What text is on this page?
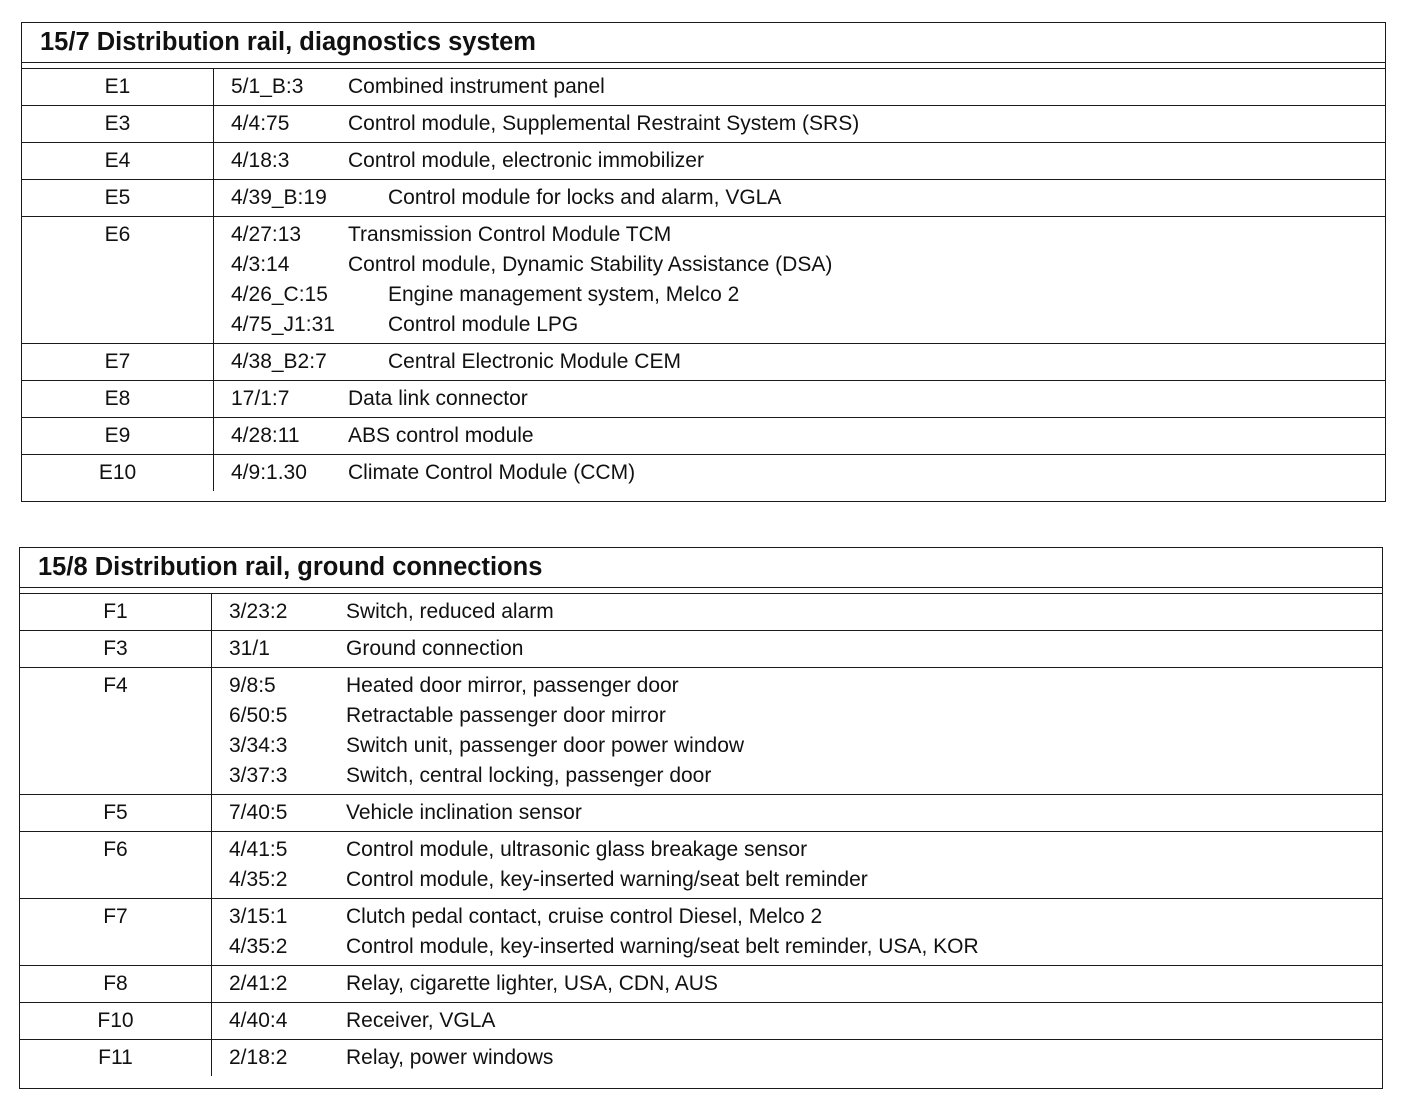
15/7 Distribution rail, diagnostics system
E1	5/1_B:3	Combined instrument panel
E3	4/4:75	Control module, Supplemental Restraint System (SRS)
E4	4/18:3	Control module, electronic immobilizer
E5	4/39_B:19	Control module for locks and alarm, VGLA
E6	4/27:13	Transmission Control Module TCM
4/3:14	Control module, Dynamic Stability Assistance (DSA)
4/26_C:15	Engine management system, Melco 2
4/75_J1:31	Control module LPG
E7	4/38_B2:7	Central Electronic Module CEM
E8	17/1:7	Data link connector
E9	4/28:11	ABS control module
E10	4/9:1.30	Climate Control Module (CCM)
15/8 Distribution rail, ground connections
F1	3/23:2	Switch, reduced alarm
F3	31/1	Ground connection
F4	9/8:5	Heated door mirror, passenger door
6/50:5	Retractable passenger door mirror
3/34:3	Switch unit, passenger door power window
3/37:3	Switch, central locking, passenger door
F5	7/40:5	Vehicle inclination sensor
F6	4/41:5	Control module, ultrasonic glass breakage sensor
4/35:2	Control module, key-inserted warning/seat belt reminder
F7	3/15:1	Clutch pedal contact, cruise control Diesel, Melco 2
4/35:2	Control module, key-inserted warning/seat belt reminder, USA, KOR
F8	2/41:2	Relay, cigarette lighter, USA, CDN, AUS
F10	4/40:4	Receiver, VGLA
F11	2/18:2	Relay, power windows
